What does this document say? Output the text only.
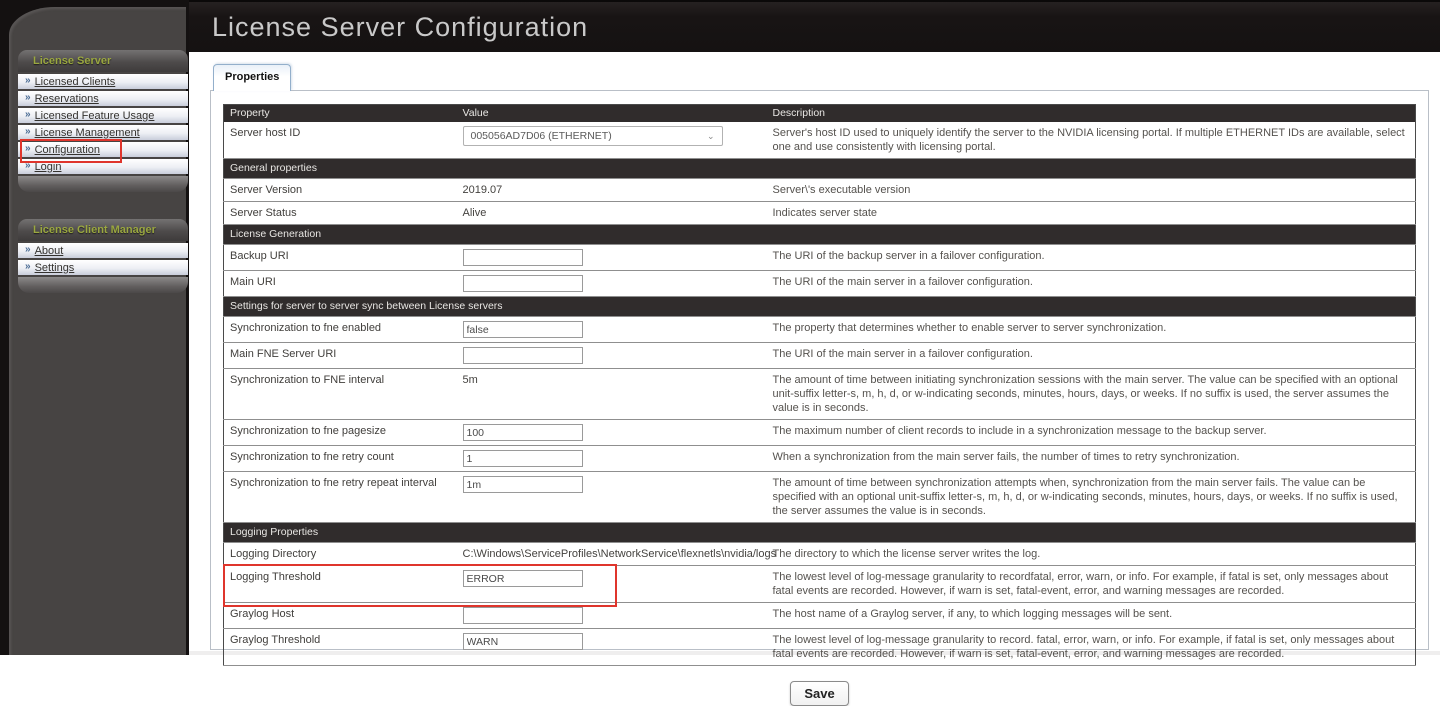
License Server Configuration
License Server
» Licensed Clients
» Reservations
» Licensed Feature Usage
» License Management
» Configuration
» Login
License Client Manager
» About
» Settings
Properties
Property	Value	Description
Server host ID	005056AD7D06 (ETHERNET) ⌄	Server's host ID used to uniquely identify the server to the NVIDIA licensing portal. If multiple ETHERNET IDs are available, select one and use consistently with licensing portal.
General properties		
Server Version	2019.07	Server\'s executable version
Server Status	Alive	Indicates server state
License Generation		
Backup URI		The URI of the backup server in a failover configuration.
Main URI		The URI of the main server in a failover configuration.
Settings for server to server sync between License servers		
Synchronization to fne enabled	false	The property that determines whether to enable server to server synchronization.
Main FNE Server URI		The URI of the main server in a failover configuration.
Synchronization to FNE interval	5m	The amount of time between initiating synchronization sessions with the main server. The value can be specified with an optional unit-suffix letter-s, m, h, d, or w-indicating seconds, minutes, hours, days, or weeks. If no suffix is used, the server assumes the value is in seconds.
Synchronization to fne pagesize	100	The maximum number of client records to include in a synchronization message to the backup server.
Synchronization to fne retry count	1	When a synchronization from the main server fails, the number of times to retry synchronization.
Synchronization to fne retry repeat interval	1m	The amount of time between synchronization attempts when, synchronization from the main server fails. The value can be specified with an optional unit-suffix letter-s, m, h, d, or w-indicating seconds, minutes, hours, days, or weeks. If no suffix is used, the server assumes the value is in seconds.
Logging Properties		
Logging Directory	C:\Windows\ServiceProfiles\NetworkService\flexnetls\nvidia/logs	The directory to which the license server writes the log.
Logging Threshold	ERROR	The lowest level of log-message granularity to recordfatal, error, warn, or info. For example, if fatal is set, only messages about fatal events are recorded. However, if warn is set, fatal-event, error, and warning messages are recorded.
Graylog Host		The host name of a Graylog server, if any, to which logging messages will be sent.
Graylog Threshold	WARN	The lowest level of log-message granularity to record. fatal, error, warn, or info. For example, if fatal is set, only messages about fatal events are recorded. However, if warn is set, fatal-event, error, and warning messages are recorded.
Save
